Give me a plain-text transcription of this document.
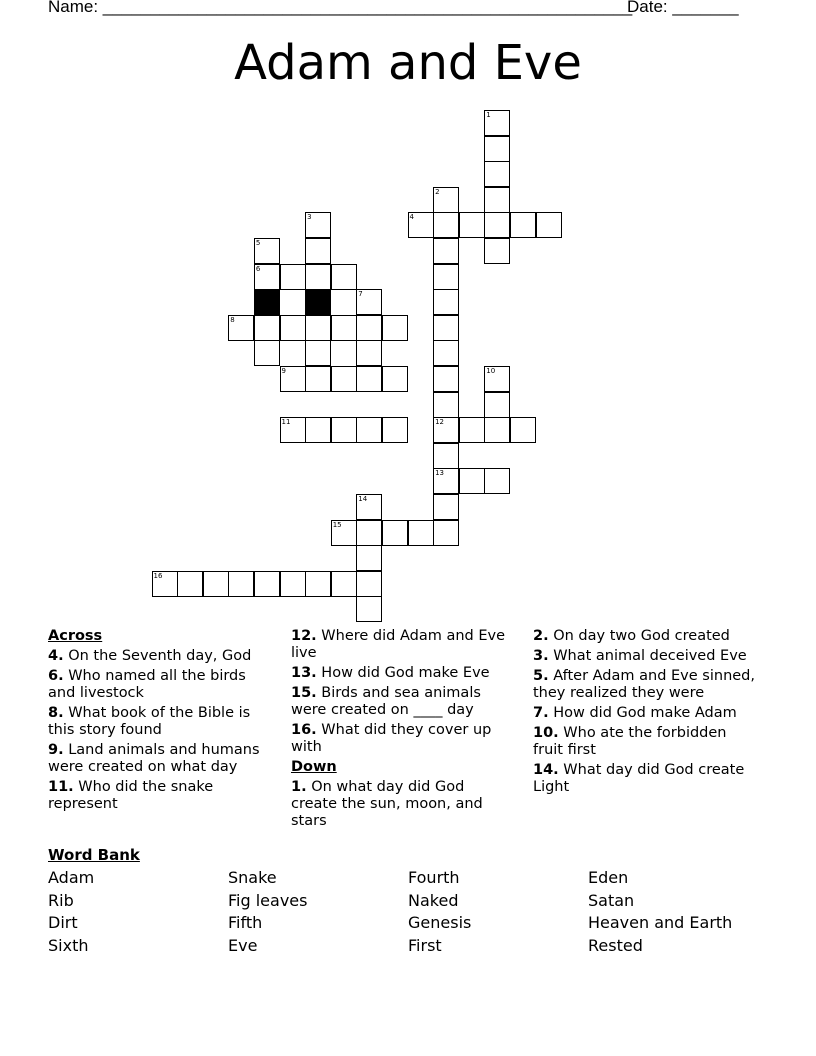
Name: ________________________________________________________
Date: _______
Adam and Eve
1
2
12
13
3	4
5
6
7
8
9	10
11
14
15
16
Across
4. On the Seventh day, God
6. Who named all the birds and livestock
8. What book of the Bible is this story found
9. Land animals and humans were created on what day
11. Who did the snake represent
12. Where did Adam and Eve live
13. How did God make Eve
15. Birds and sea animals were created on ____ day
16. What did they cover up with
Down
1. On what day did God create the sun, moon, and stars
2. On day two God created
3. What animal deceived Eve
5. After Adam and Eve sinned, they realized they were
7. How did God make Adam
10. Who ate the forbidden fruit first
14. What day did God create Light
Word Bank
Adam
Rib
Dirt
Sixth
Snake
Fig leaves
Fifth
Eve
Fourth
Naked
Genesis
First
Eden
Satan
Heaven and Earth
Rested
